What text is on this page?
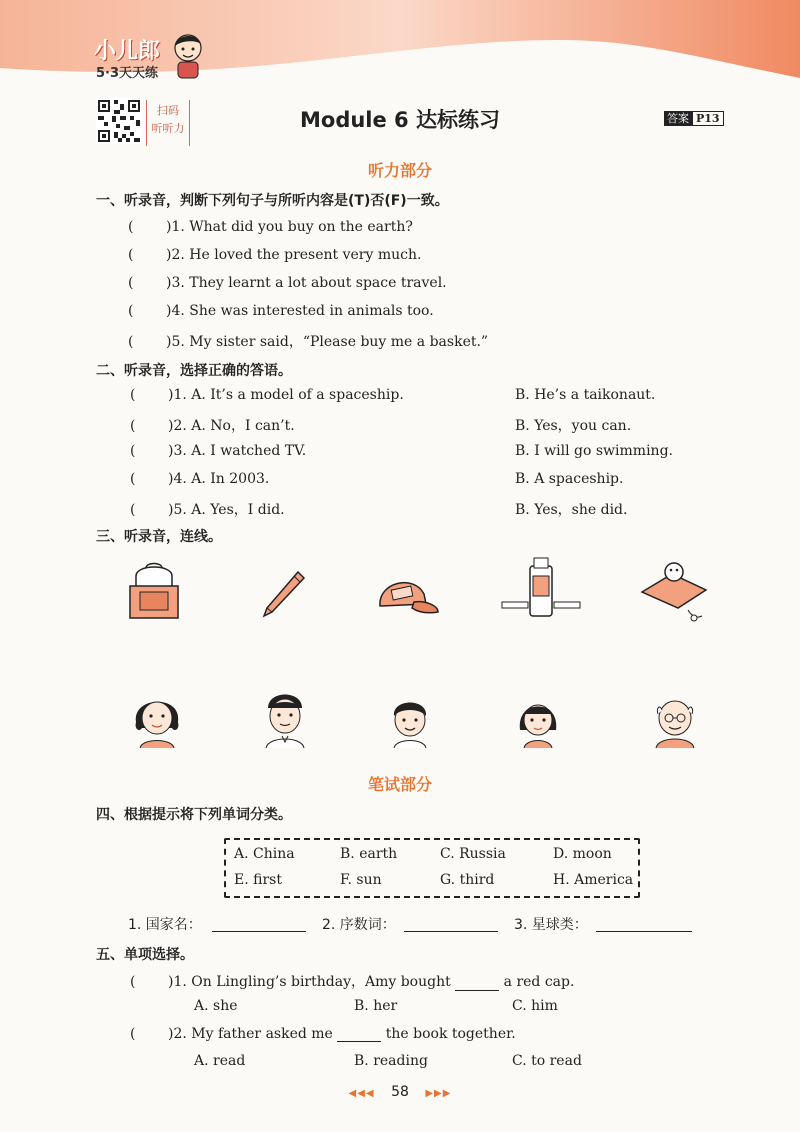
小儿郎
5·3天天练
扫码
听听力	Module 6 达标练习	答案 P13
听力部分
一、听录音，判断下列句子与所听内容是(T)否(F)一致。
( )1. What did you buy on the earth?
( )2. He loved the present very much.
( )3. They learnt a lot about space travel.
( )4. She was interested in animals too.
( )5. My sister said，“Please buy me a basket.”
二、听录音，选择正确的答语。
( )1. A. It’s a model of a spaceship.	B. He’s a taikonaut.
( )2. A. No，I can’t.	B. Yes，you can.
( )3. A. I watched TV.	B. I will go swimming.
( )4. A. In 2003.	B. A spaceship.
( )5. A. Yes，I did.	B. Yes，she did.
三、听录音，连线。
笔试部分
四、根据提示将下列单词分类。
A. China	B. earth	C. Russia	D. moon
E. first	F. sun	G. third	H. America
1. 国家名：	2. 序数词：	3. 星球类：
五、单项选择。
( )1. On Lingling’s birthday，Amy bought	a red cap.
A. she	B. her	C. him
( )2. My father asked me	the book together.
A. read	B. reading	C. to read
◀◀◀ 58 ▶▶▶
